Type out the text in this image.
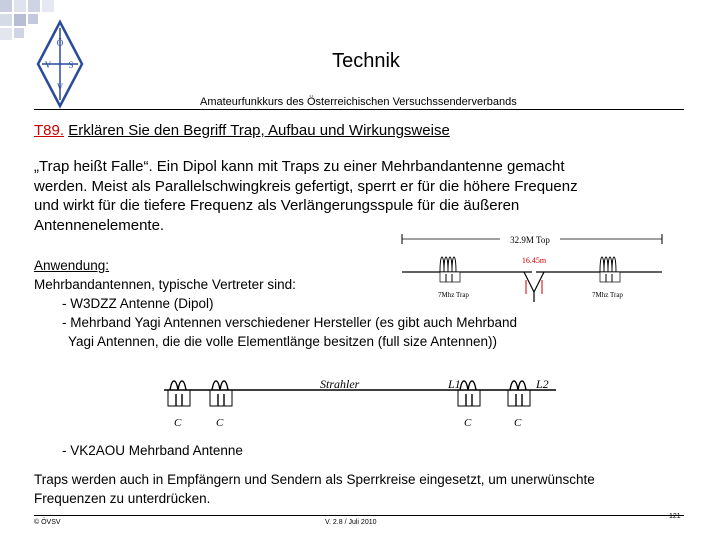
Ö
V S
V
Technik
Amateurfunkkurs des Österreichischen Versuchssenderverbands
T89. Erklären Sie den Begriff Trap, Aufbau und Wirkungsweise
„Trap heißt Falle“. Ein Dipol kann mit Traps zu einer Mehrbandantenne gemacht
werden. Meist als Parallelschwingkreis gefertigt, sperrt er für die höhere Frequenz
und wirkt für die tiefere Frequenz als Verlängerungsspule für die äußeren
Antennenelemente.
32.9M Top
7Mhz Trap	7Mhz Trap
16.45m
Anwendung:
Mehrbandantennen, typische Vertreter sind:
- W3DZZ Antenne (Dipol)
- Mehrband Yagi Antennen verschiedener Hersteller (es gibt auch Mehrband
Yagi Antennen, die die volle Elementlänge besitzen (full size Antennen))
C	C
Strahler
C
L1
C
L2
- VK2AOU Mehrband Antenne
Traps werden auch in Empfängern und Sendern als Sperrkreise eingesetzt, um unerwünschte
Frequenzen zu unterdrücken.
© ÖVSV	V. 2.8 / Juli 2010
121
